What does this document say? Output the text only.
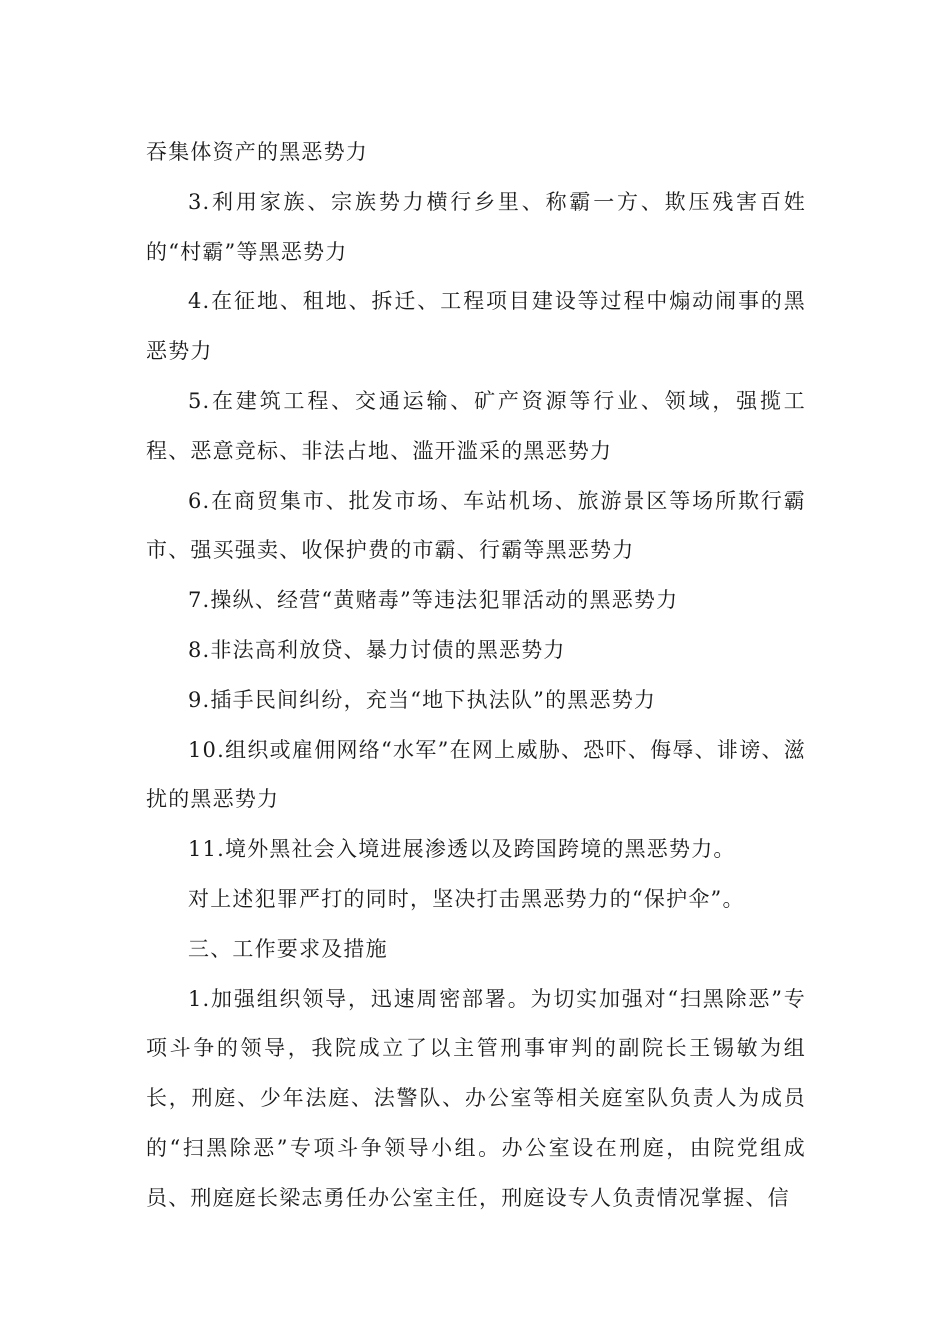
吞集体资产的黑恶势力

3.利用家族、宗族势力横行乡里、称霸一方、欺压残害百姓的“村霸”等黑恶势力

4.在征地、租地、拆迁、工程项目建设等过程中煽动闹事的黑恶势力

5.在建筑工程、交通运输、矿产资源等行业、领域，强揽工程、恶意竞标、非法占地、滥开滥采的黑恶势力

6.在商贸集市、批发市场、车站机场、旅游景区等场所欺行霸市、强买强卖、收保护费的市霸、行霸等黑恶势力

7.操纵、经营“黄赌毒”等违法犯罪活动的黑恶势力

8.非法高利放贷、暴力讨债的黑恶势力

9.插手民间纠纷，充当“地下执法队”的黑恶势力

10.组织或雇佣网络“水军”在网上威胁、恐吓、侮辱、诽谤、滋扰的黑恶势力

11.境外黑社会入境进展渗透以及跨国跨境的黑恶势力。

对上述犯罪严打的同时，坚决打击黑恶势力的“保护伞”。

三、工作要求及措施

1.加强组织领导，迅速周密部署。为切实加强对“扫黑除恶”专项斗争的领导，我院成立了以主管刑事审判的副院长王锡敏为组长，刑庭、少年法庭、法警队、办公室等相关庭室队负责人为成员的“扫黑除恶”专项斗争领导小组。办公室设在刑庭，由院党组成员、刑庭庭长梁志勇任办公室主任，刑庭设专人负责情况掌握、信
